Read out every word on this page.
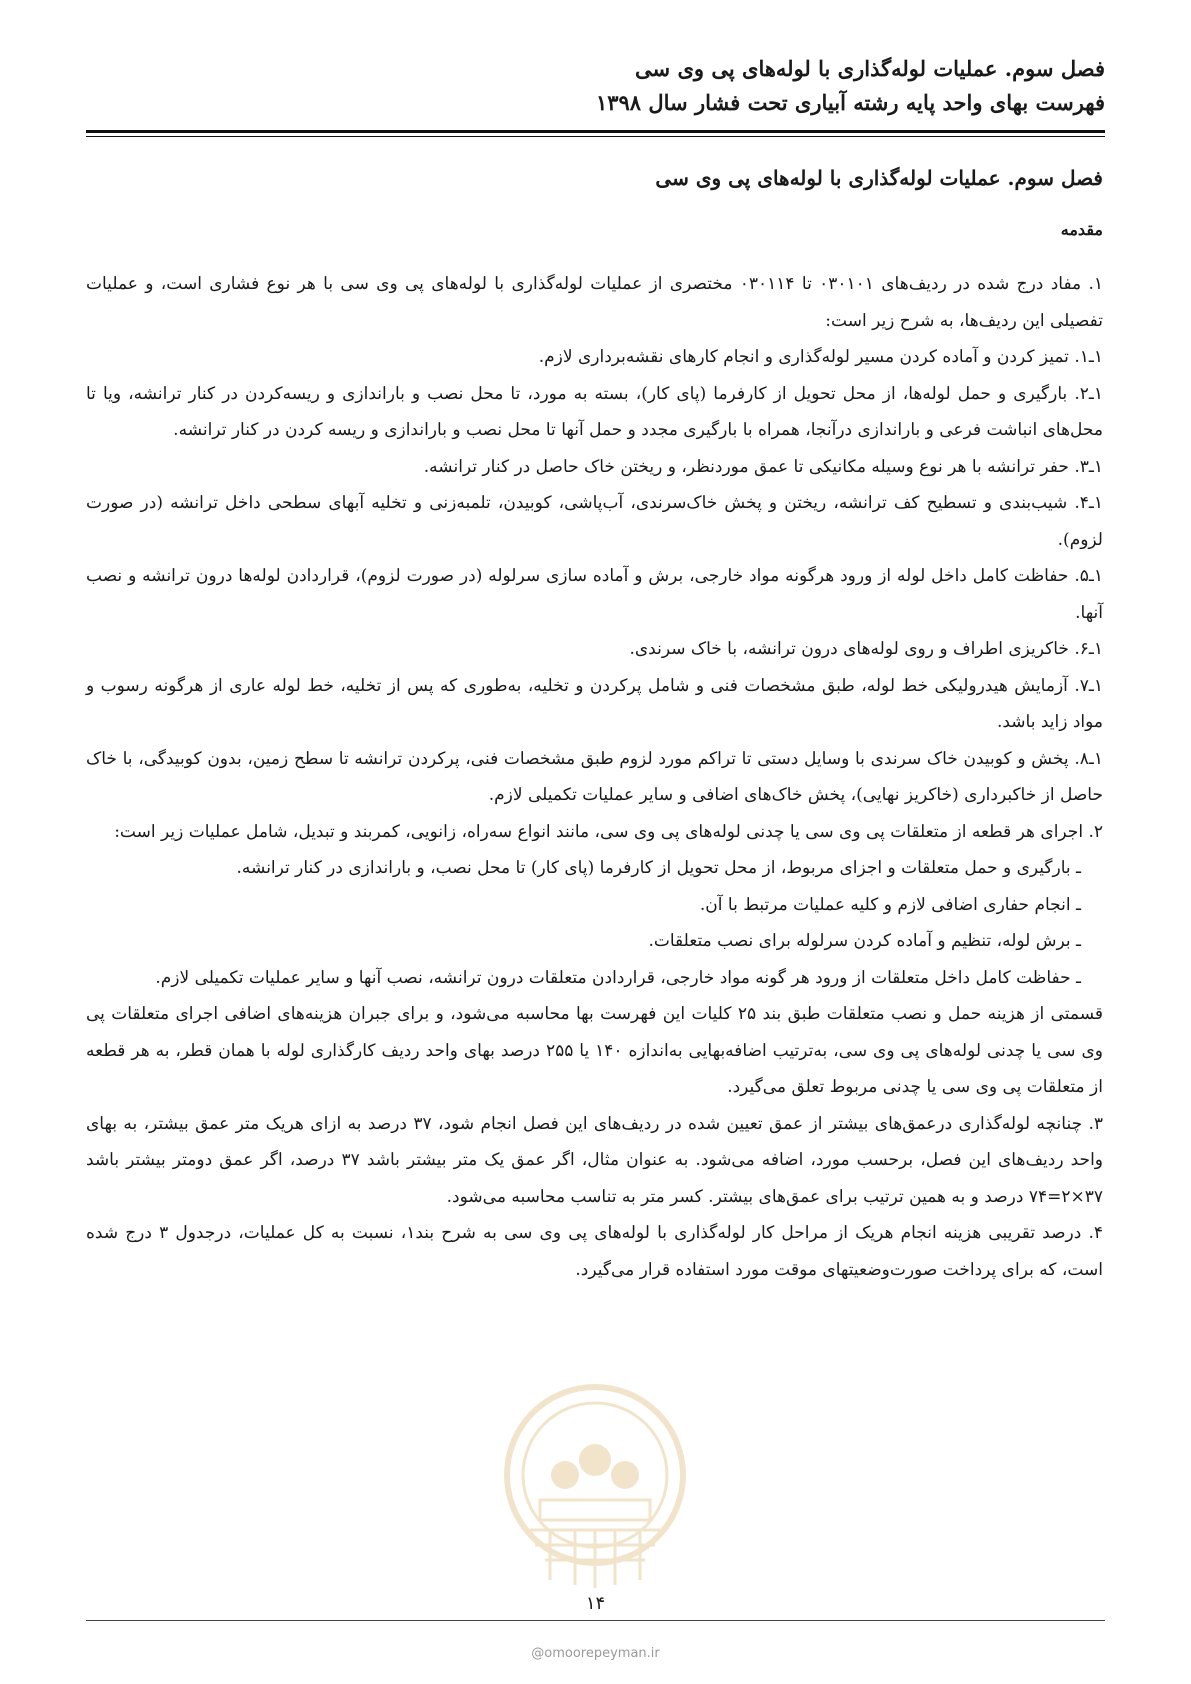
فصل سوم. عملیات لوله‌گذاری با لوله‌های پی وی سی
فهرست بهای واحد پایه رشته آبیاری تحت فشار سال ۱۳۹۸
فصل سوم. عملیات لوله‌گذاری با لوله‌های پی وی سی
مقدمه

۱. مفاد درج شده در ردیف‌های ۰۳۰۱۰۱ تا ۰۳۰۱۱۴ مختصری از عملیات لوله‌گذاری با لوله‌های پی وی سی با هر نوع فشاری است، و عملیات تفصیلی این ردیف‌ها، به شرح زیر است:

۱ـ۱. تمیز کردن و آماده کردن مسیر لوله‌گذاری و انجام کارهای نقشه‌برداری لازم.

۱ـ۲. بارگیری و حمل لوله‌ها، از محل تحویل از کارفرما (پای کار)، بسته به مورد، تا محل نصب و باراندازی و ریسه‌کردن در کنار ترانشه، ویا تا محل‌های انباشت فرعی و باراندازی درآنجا، همراه با بارگیری مجدد و حمل آنها تا محل نصب و باراندازی و ریسه کردن در کنار ترانشه.

۱ـ۳. حفر ترانشه با هر نوع وسیله مکانیکی تا عمق موردنظر، و ریختن خاک حاصل در کنار ترانشه.

۱ـ۴. شیب‌بندی و تسطیح کف ترانشه، ریختن و پخش خاک‌سرندی، آب‌پاشی، کوبیدن، تلمبه‌زنی و تخلیه آبهای سطحی داخل ترانشه (در صورت لزوم).

۱ـ۵. حفاظت کامل داخل لوله از ورود هرگونه مواد خارجی، برش و آماده سازی سرلوله (در صورت لزوم)، قراردادن لوله‌ها درون ترانشه و نصب آنها.

۱ـ۶. خاکریزی اطراف و روی لوله‌های درون ترانشه، با خاک سرندی.

۱ـ۷. آزمایش هیدرولیکی خط لوله، طبق مشخصات فنی و شامل پرکردن و تخلیه، به‌طوری که پس از تخلیه، خط لوله عاری از هرگونه رسوب و مواد زاید باشد.

۱ـ۸. پخش و کوبیدن خاک سرندی با وسایل دستی تا تراکم مورد لزوم طبق مشخصات فنی، پرکردن ترانشه تا سطح زمین، بدون کوبیدگی، با خاک حاصل از خاکبرداری (خاکریز نهایی)، پخش خاک‌های اضافی و سایر عملیات تکمیلی لازم.

۲. اجرای هر قطعه از متعلقات پی وی سی یا چدنی لوله‌های پی وی سی، مانند انواع سه‌راه، زانویی، کمربند و تبدیل، شامل عملیات زیر است:

ـ بارگیری و حمل متعلقات و اجزای مربوط، از محل تحویل از کارفرما (پای کار) تا محل نصب، و باراندازی در کنار ترانشه.

ـ انجام حفاری اضافی لازم و کلیه عملیات مرتبط با آن.

ـ برش لوله، تنظیم و آماده کردن سرلوله برای نصب متعلقات.

ـ حفاظت کامل داخل متعلقات از ورود هر گونه مواد خارجی، قراردادن متعلقات درون ترانشه، نصب آنها و سایر عملیات تکمیلی لازم.

قسمتی از هزینه حمل و نصب متعلقات طبق بند ۲۵ کلیات این فهرست بها محاسبه می‌شود، و برای جبران هزینه‌های اضافی اجرای متعلقات پی وی سی یا چدنی لوله‌های پی وی سی، به‌ترتیب اضافه‌بهایی به‌اندازه ۱۴۰ یا ۲۵۵ درصد بهای واحد ردیف کارگذاری لوله با همان قطر، به هر قطعه از متعلقات پی وی سی یا چدنی مربوط تعلق می‌گیرد.

۳. چنانچه لوله‌گذاری درعمق‌های بیشتر از عمق تعیین شده در ردیف‌های این فصل انجام شود، ۳۷ درصد به ازای هریک متر عمق بیشتر، به بهای واحد ردیف‌های این فصل، برحسب مورد، اضافه می‌شود. به عنوان مثال، اگر عمق یک متر بیشتر باشد ۳۷ درصد، اگر عمق دومتر بیشتر باشد ۳۷×۲=۷۴ درصد و به همین ترتیب برای عمق‌های بیشتر. کسر متر به تناسب محاسبه می‌شود.

۴. درصد تقریبی هزینه انجام هریک از مراحل کار لوله‌گذاری با لوله‌های پی وی سی به شرح بند۱، نسبت به کل عملیات، درجدول ۳ درج شده است، که برای پرداخت صورت‌وضعیتهای موقت مورد استفاده قرار می‌گیرد.

۱۴
@omoorepeyman.ir
